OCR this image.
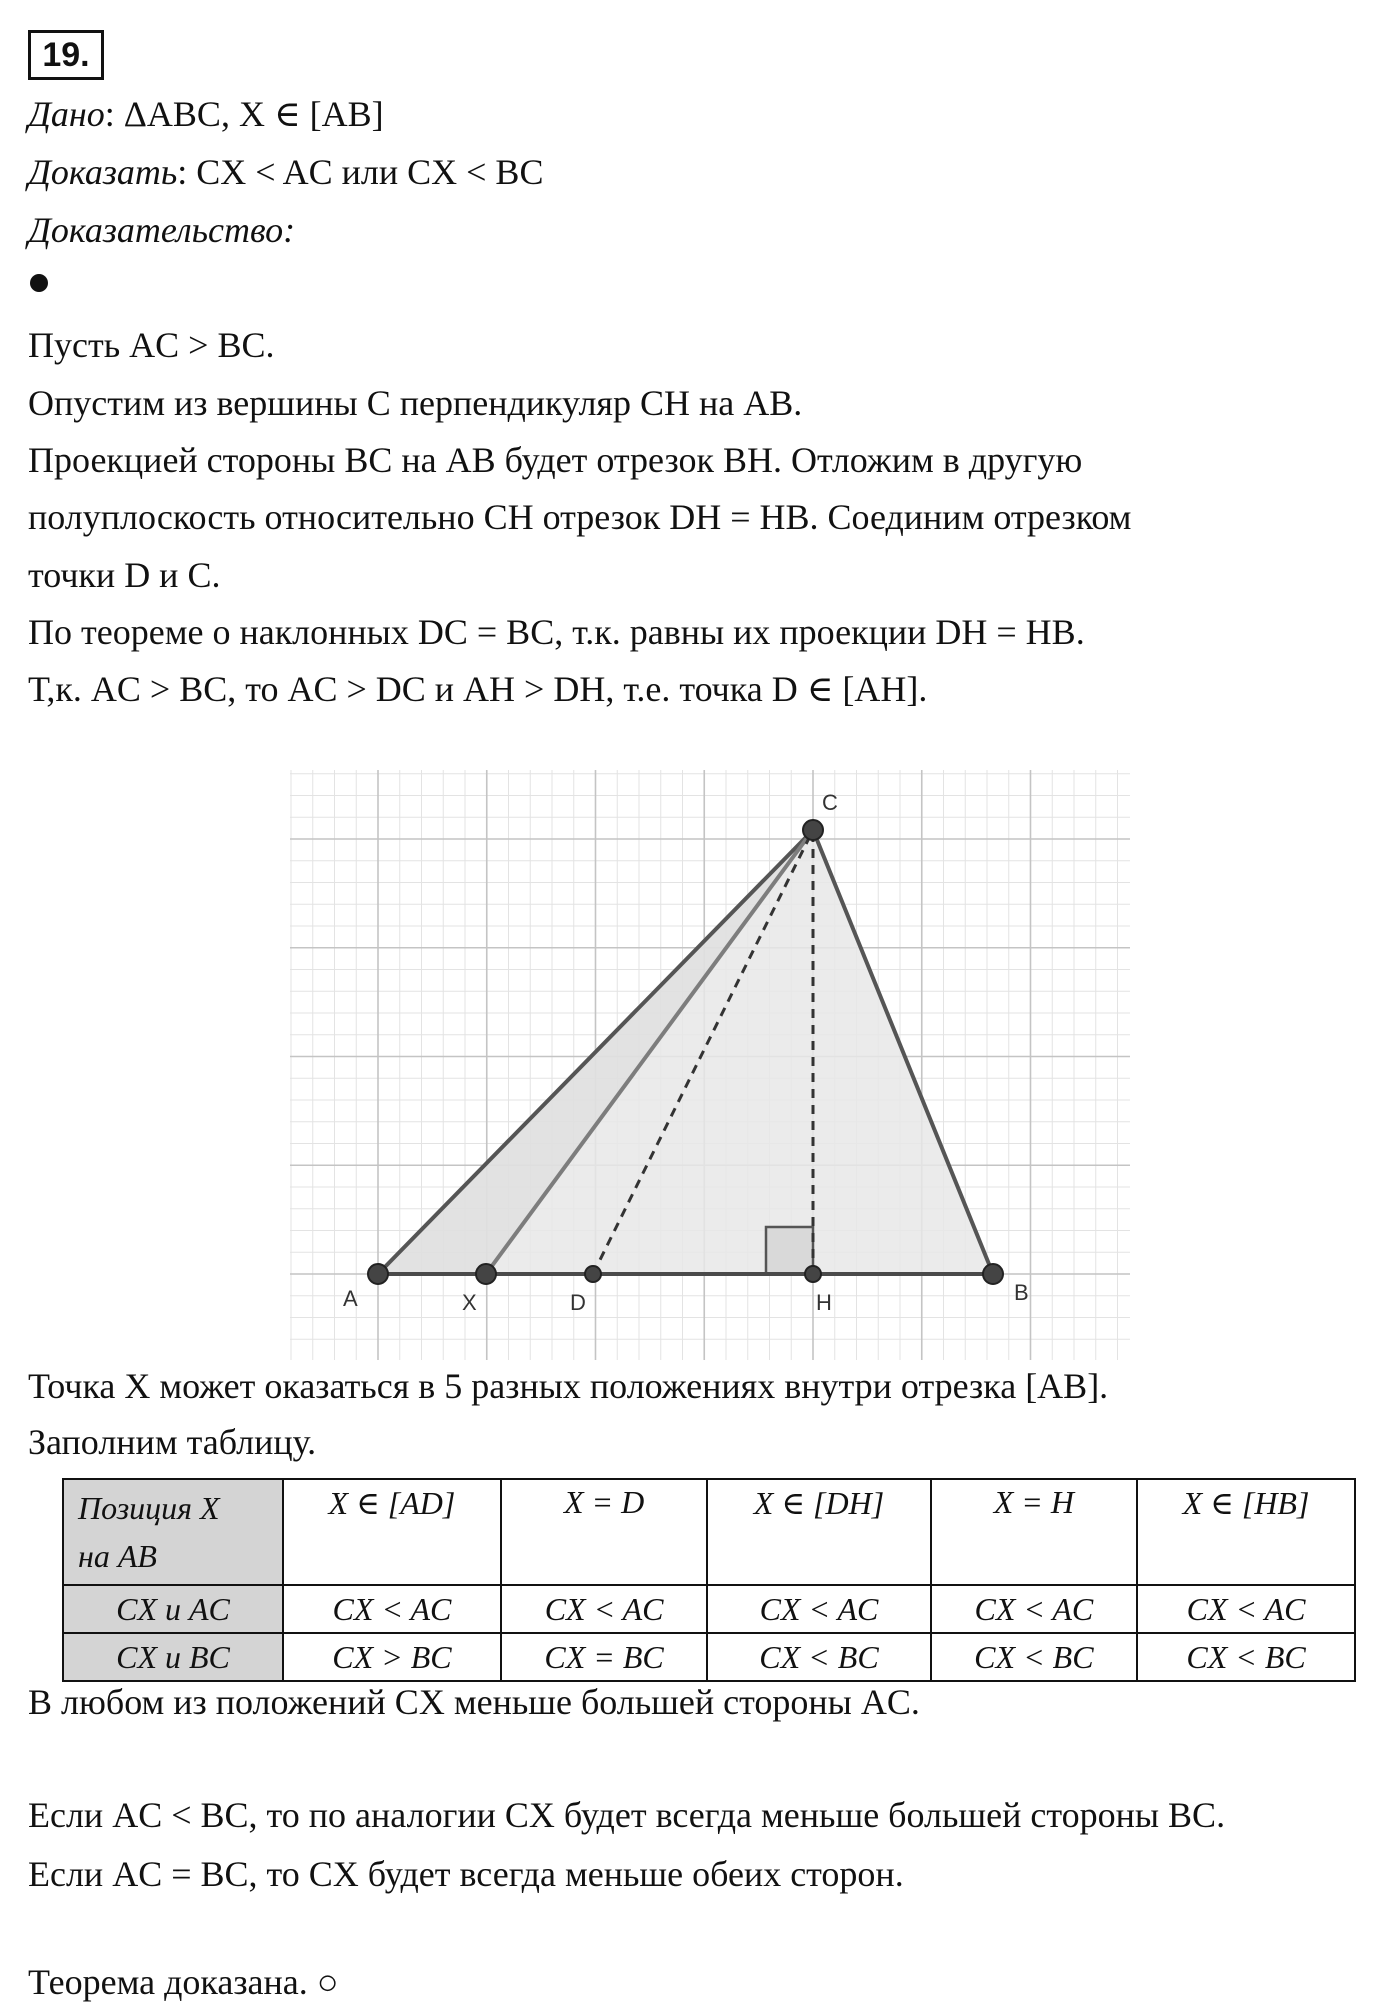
19.
Дано: ΔABC, X ∈ [AB]
Доказать: CX < AC или CX < BC
Доказательство:
Пусть AC > BC.
Опустим из вершины C перпендикуляр CH на AB.
Проекцией стороны BC на AB будет отрезок BH. Отложим в другую
полуплоскость относительно CH отрезок DH = HB. Соединим отрезком
точки D и C.
По теореме о наклонных DC = BC, т.к. равны их проекции DH = HB.
Т,к. AC > BC, то AC > DC и AH > DH, т.е. точка D ∈ [AH].
A	X	D	H	B
C
Точка X может оказаться в 5 разных положениях внутри отрезка [AB].
Заполним таблицу.
Позиция X
на AB	X ∈ [AD]	X = D	X ∈ [DH]	X = H	X ∈ [HB]
CX и AC	CX < AC	CX < AC	CX < AC	CX < AC	CX < AC
CX и BC	CX > BC	CX = BC	CX < BC	CX < BC	CX < BC
В любом из положений CX меньше большей стороны AC.
Если AC < BC, то по аналогии CX будет всегда меньше большей стороны BC.
Если AC = BC, то CX будет всегда меньше обеих сторон.
Теорема доказана. ○
